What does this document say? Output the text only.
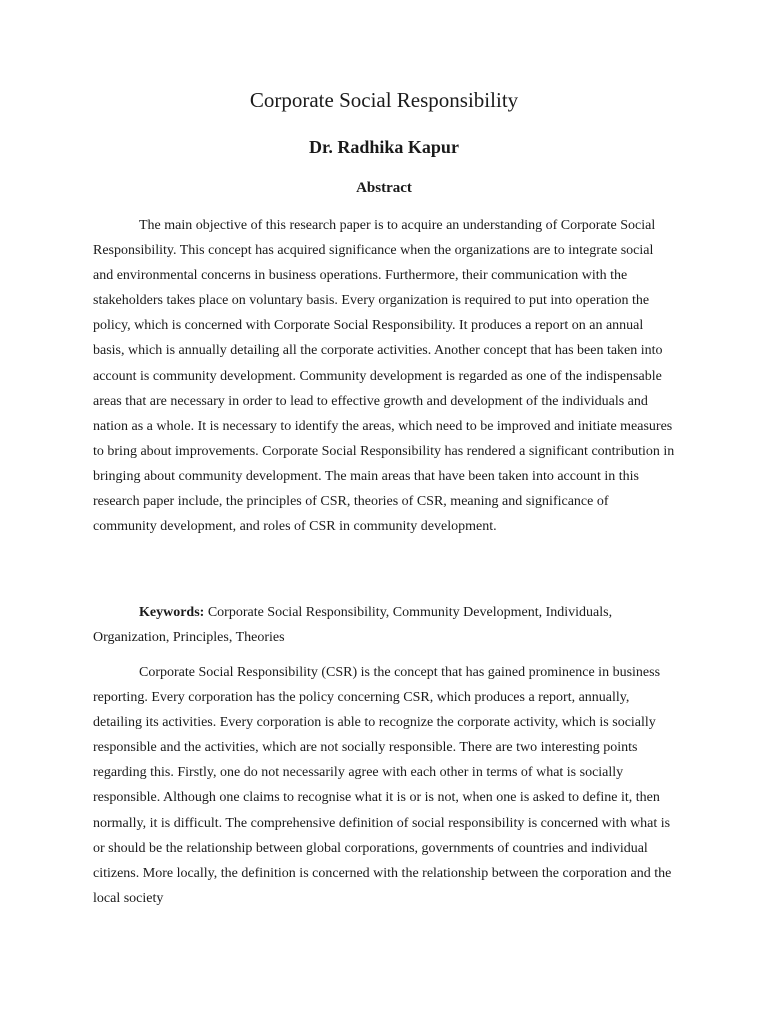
Corporate Social Responsibility
Dr. Radhika Kapur
Abstract

The main objective of this research paper is to acquire an understanding of Corporate Social Responsibility. This concept has acquired significance when the organizations are to integrate social and environmental concerns in business operations. Furthermore, their communication with the stakeholders takes place on voluntary basis. Every organization is required to put into operation the policy, which is concerned with Corporate Social Responsibility. It produces a report on an annual basis, which is annually detailing all the corporate activities. Another concept that has been taken into account is community development. Community development is regarded as one of the indispensable areas that are necessary in order to lead to effective growth and development of the individuals and nation as a whole. It is necessary to identify the areas, which need to be improved and initiate measures to bring about improvements. Corporate Social Responsibility has rendered a significant contribution in bringing about community development. The main areas that have been taken into account in this research paper include, the principles of CSR, theories of CSR, meaning and significance of community development, and roles of CSR in community development.

Keywords: Corporate Social Responsibility, Community Development, Individuals, Organization, Principles, Theories

Corporate Social Responsibility (CSR) is the concept that has gained prominence in business reporting. Every corporation has the policy concerning CSR, which produces a report, annually, detailing its activities. Every corporation is able to recognize the corporate activity, which is socially responsible and the activities, which are not socially responsible. There are two interesting points regarding this. Firstly, one do not necessarily agree with each other in terms of what is socially responsible. Although one claims to recognise what it is or is not, when one is asked to define it, then normally, it is difficult. The comprehensive definition of social responsibility is concerned with what is or should be the relationship between global corporations, governments of countries and individual citizens. More locally, the definition is concerned with the relationship between the corporation and the local society
